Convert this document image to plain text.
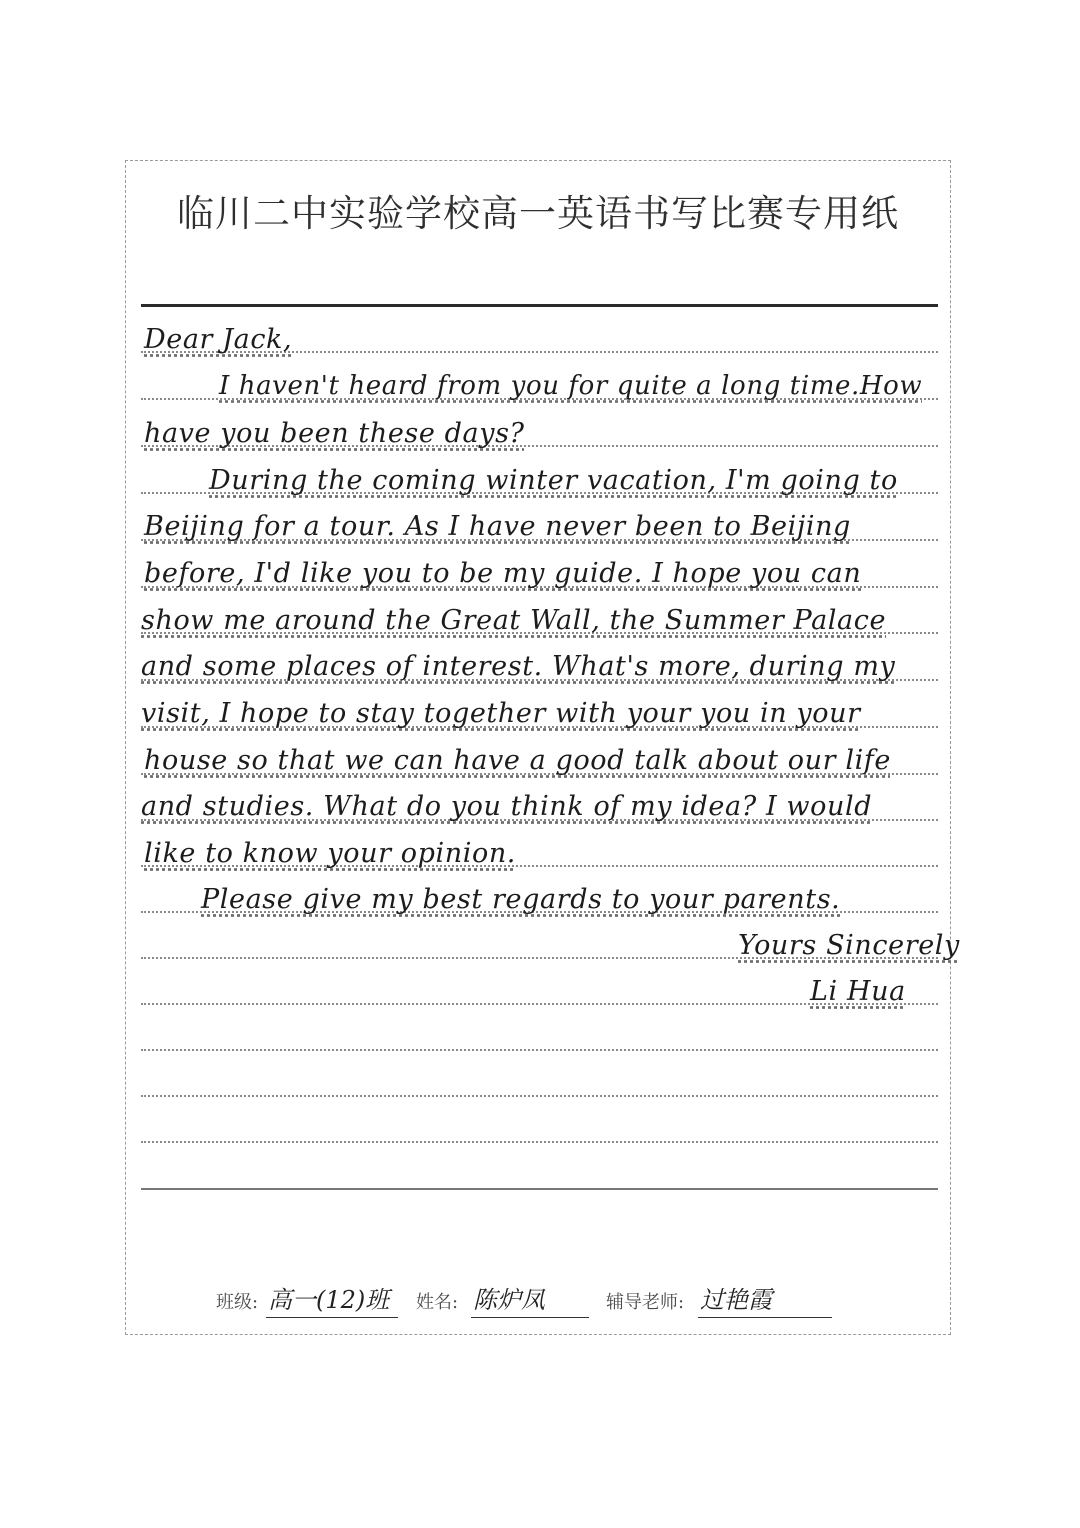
临川二中实验学校高一英语书写比赛专用纸
Dear Jack,
I haven't heard from you for quite a long time.How
have you been these days?
During the coming winter vacation, I'm going to
Beijing for a tour. As I have never been to Beijing
before, I'd like you to be my guide. I hope you can
show me around the Great Wall, the Summer Palace
and some places of interest. What's more, during my
visit, I hope to stay together with your you in your
house so that we can have a good talk about our life
and studies. What do you think of my idea? I would
like to know your opinion.
Please give my best regards to your parents.
Yours Sincerely
Li Hua
班级: 高一(12)班	姓名: 陈炉凤	辅导老师: 过艳霞
